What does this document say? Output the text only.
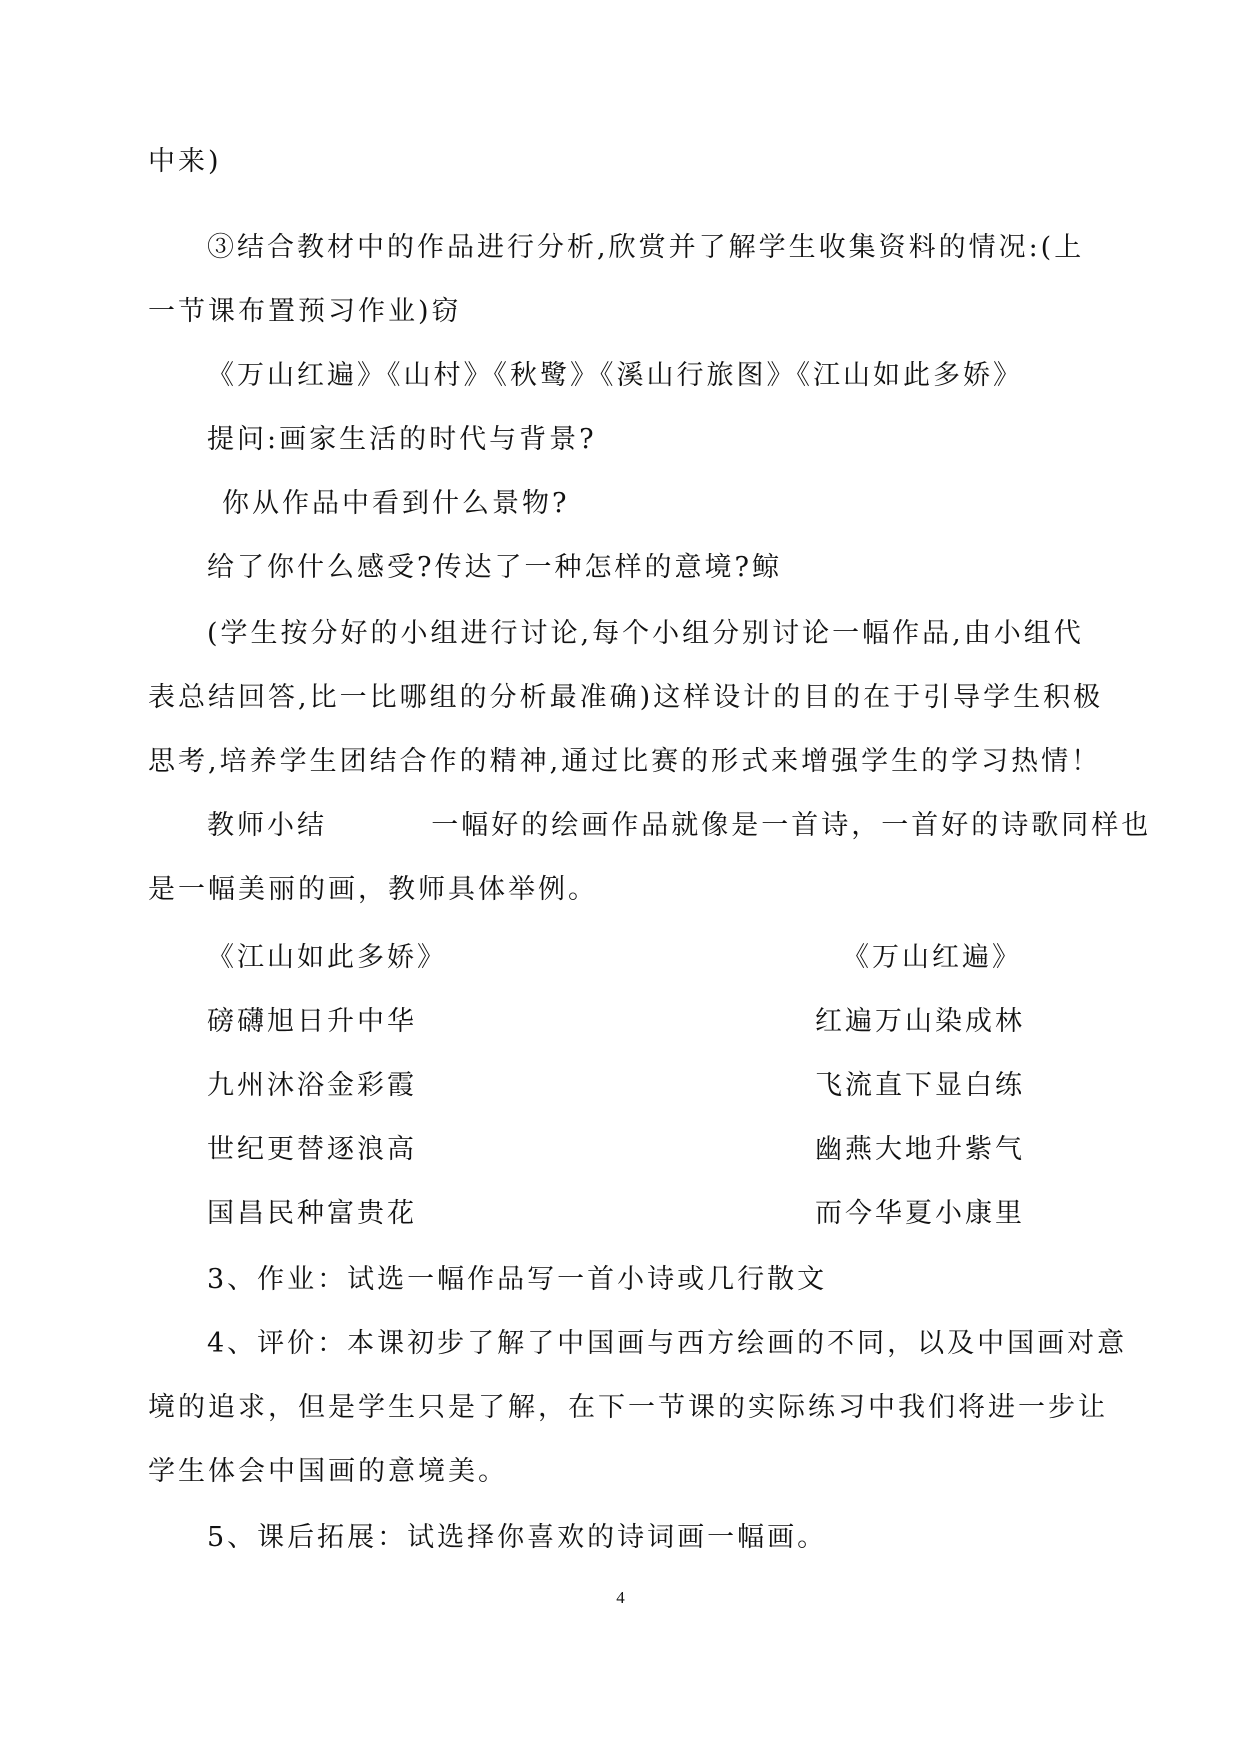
中来)
③结合教材中的作品进行分析,欣赏并了解学生收集资料的情况:(上
一节课布置预习作业)窃
《万山红遍》《山村》《秋鹭》《溪山行旅图》《江山如此多娇》
提问:画家生活的时代与背景?
你从作品中看到什么景物?
给了你什么感受?传达了一种怎样的意境?鲸
(学生按分好的小组进行讨论,每个小组分别讨论一幅作品,由小组代
表总结回答,比一比哪组的分析最准确)这样设计的目的在于引导学生积极
思考,培养学生团结合作的精神,通过比赛的形式来增强学生的学习热情！
教师小结         一幅好的绘画作品就像是一首诗，一首好的诗歌同样也
是一幅美丽的画，教师具体举例。
《江山如此多娇》
磅礴旭日升中华
九州沐浴金彩霞
世纪更替逐浪高
国昌民种富贵花
《万山红遍》
红遍万山染成林
飞流直下显白练
幽燕大地升紫气
而今华夏小康里
3、作业：试选一幅作品写一首小诗或几行散文
4、评价：本课初步了解了中国画与西方绘画的不同，以及中国画对意
境的追求，但是学生只是了解，在下一节课的实际练习中我们将进一步让
学生体会中国画的意境美。
5、课后拓展：试选择你喜欢的诗词画一幅画。
4
